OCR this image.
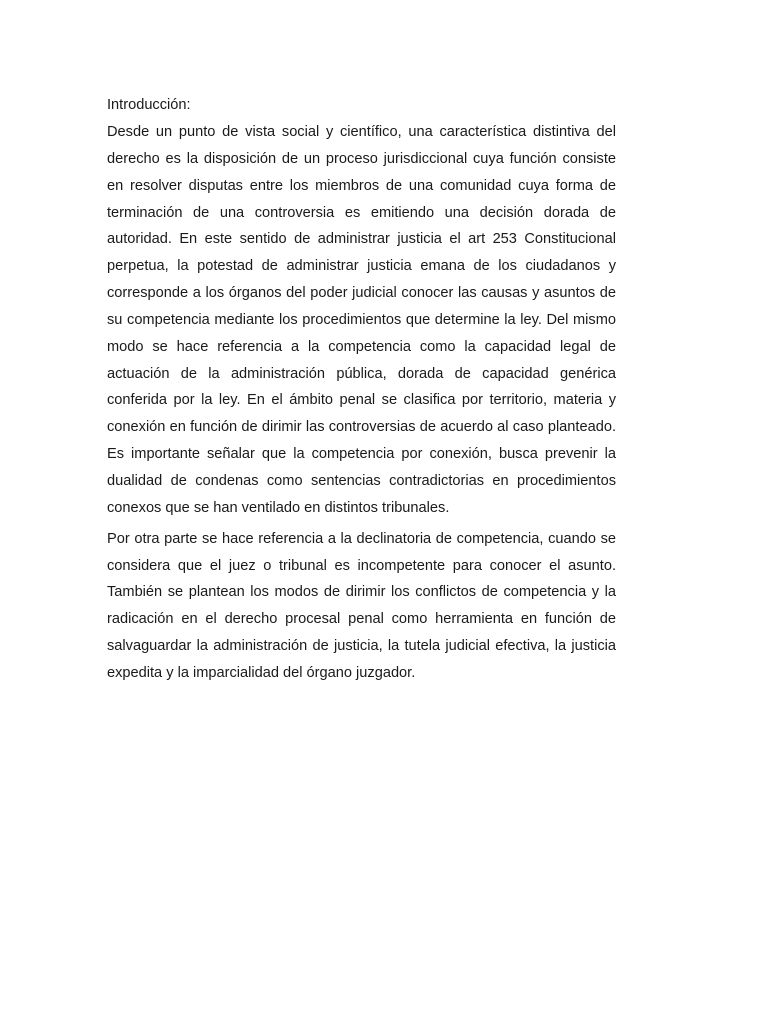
Introducción:

Desde un punto de vista social y científico, una característica distintiva del derecho es la disposición de un proceso jurisdiccional cuya función consiste en resolver disputas entre los miembros de una comunidad cuya forma de terminación de una controversia es emitiendo una decisión dorada de autoridad. En este sentido de administrar justicia el art 253 Constitucional perpetua, la potestad de administrar justicia emana de los ciudadanos y corresponde a los órganos del poder judicial conocer las causas y asuntos de su competencia mediante los procedimientos que determine la ley. Del mismo modo se hace referencia a la competencia como la capacidad legal de actuación de la administración pública, dorada de capacidad genérica conferida por la ley. En el ámbito penal se clasifica por territorio, materia y conexión en función de dirimir las controversias de acuerdo al caso planteado. Es importante señalar que la competencia por conexión, busca prevenir la dualidad de condenas como sentencias contradictorias en procedimientos conexos que se han ventilado en distintos tribunales.

Por otra parte se hace referencia a la declinatoria de competencia, cuando se considera que el juez o tribunal es incompetente para conocer el asunto. También se plantean los modos de dirimir los conflictos de competencia y la radicación en el derecho procesal penal como herramienta en función de salvaguardar la administración de justicia, la tutela judicial efectiva, la justicia expedita y la imparcialidad del órgano juzgador.
